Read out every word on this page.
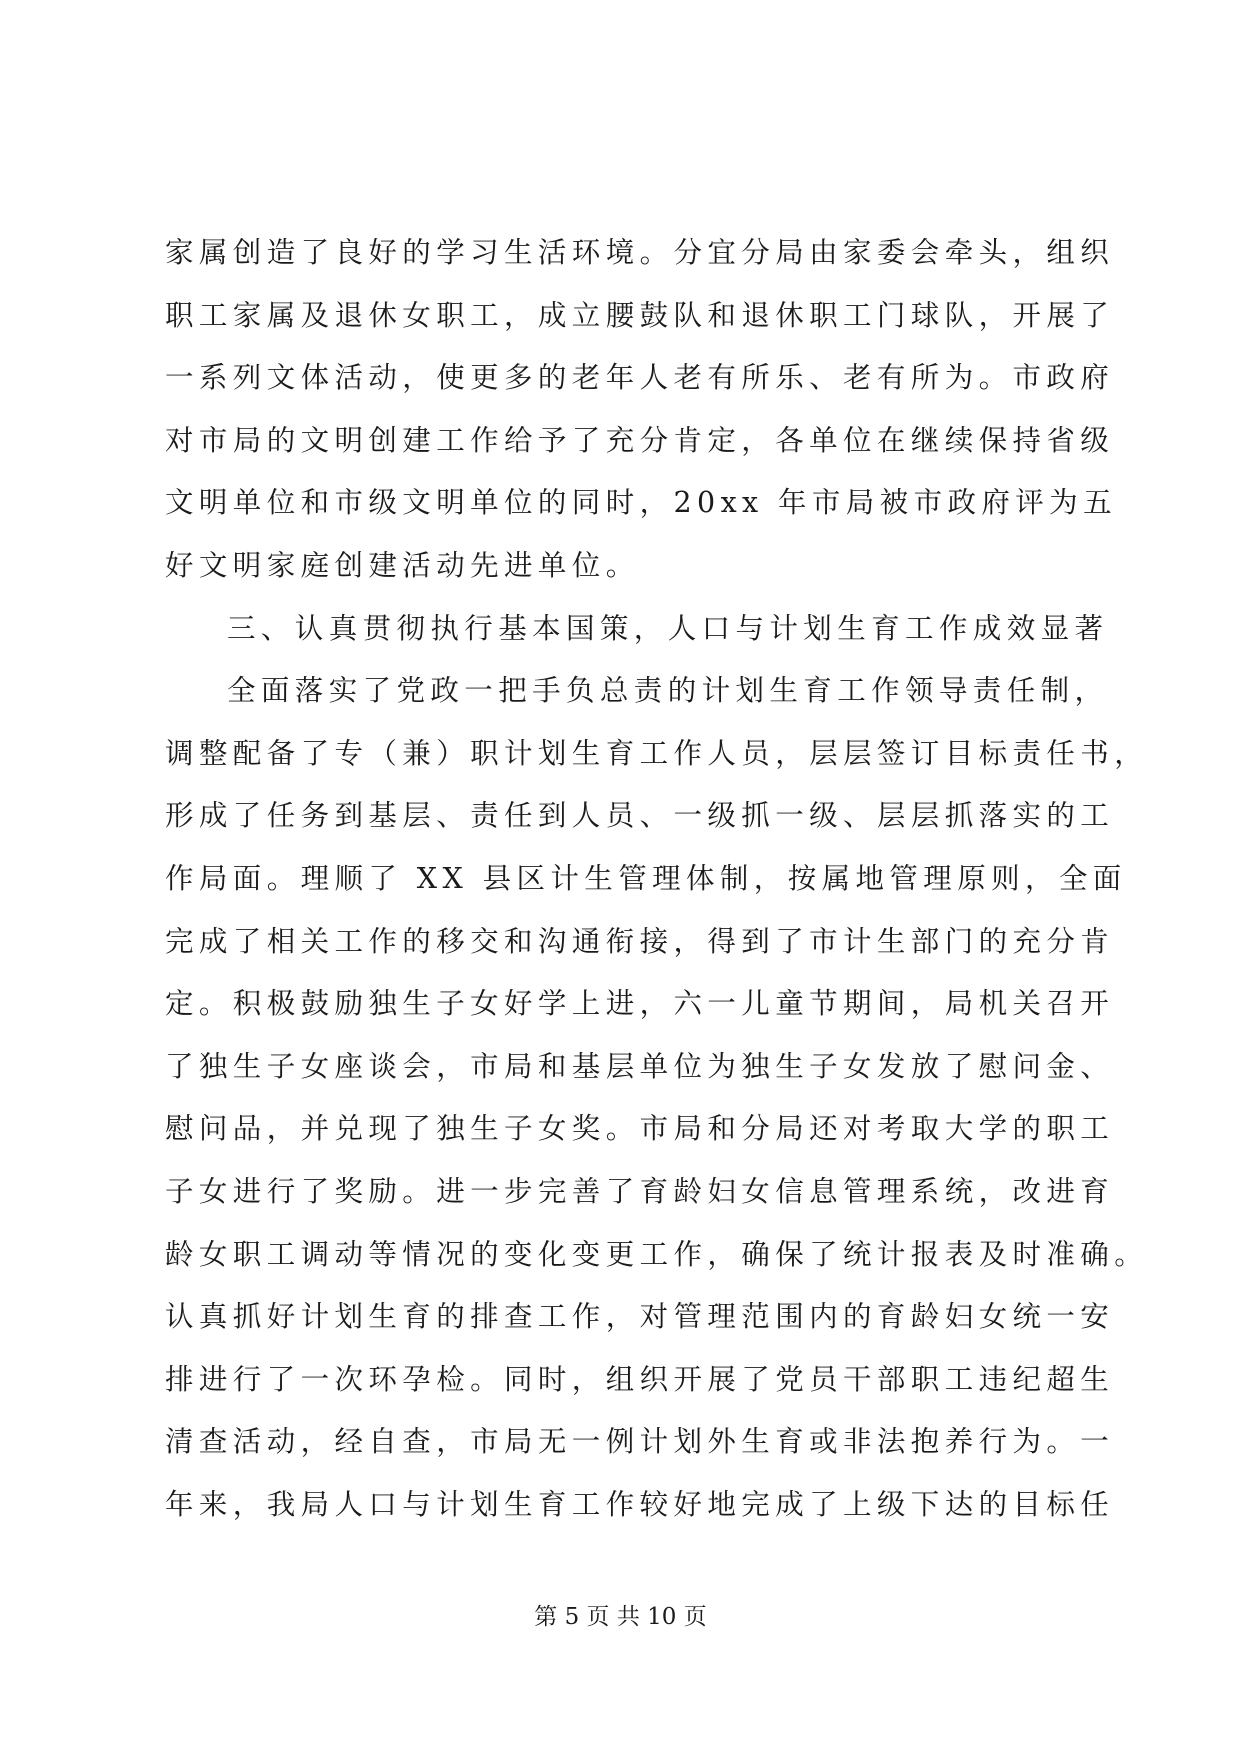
家属创造了良好的学习生活环境。分宜分局由家委会牵头，组织
职工家属及退休女职工，成立腰鼓队和退休职工门球队，开展了
一系列文体活动，使更多的老年人老有所乐、老有所为。市政府
对市局的文明创建工作给予了充分肯定，各单位在继续保持省级
文明单位和市级文明单位的同时，20xx 年市局被市政府评为五
好文明家庭创建活动先进单位。
三、认真贯彻执行基本国策，人口与计划生育工作成效显著
全面落实了党政一把手负总责的计划生育工作领导责任制，
调整配备了专（兼）职计划生育工作人员，层层签订目标责任书，
形成了任务到基层、责任到人员、一级抓一级、层层抓落实的工
作局面。理顺了 XX 县区计生管理体制，按属地管理原则，全面
完成了相关工作的移交和沟通衔接，得到了市计生部门的充分肯
定。积极鼓励独生子女好学上进，六一儿童节期间，局机关召开
了独生子女座谈会，市局和基层单位为独生子女发放了慰问金、
慰问品，并兑现了独生子女奖。市局和分局还对考取大学的职工
子女进行了奖励。进一步完善了育龄妇女信息管理系统，改进育
龄女职工调动等情况的变化变更工作，确保了统计报表及时准确。
认真抓好计划生育的排查工作，对管理范围内的育龄妇女统一安
排进行了一次环孕检。同时，组织开展了党员干部职工违纪超生
清查活动，经自查，市局无一例计划外生育或非法抱养行为。一
年来，我局人口与计划生育工作较好地完成了上级下达的目标任
第 5 页 共 10 页
